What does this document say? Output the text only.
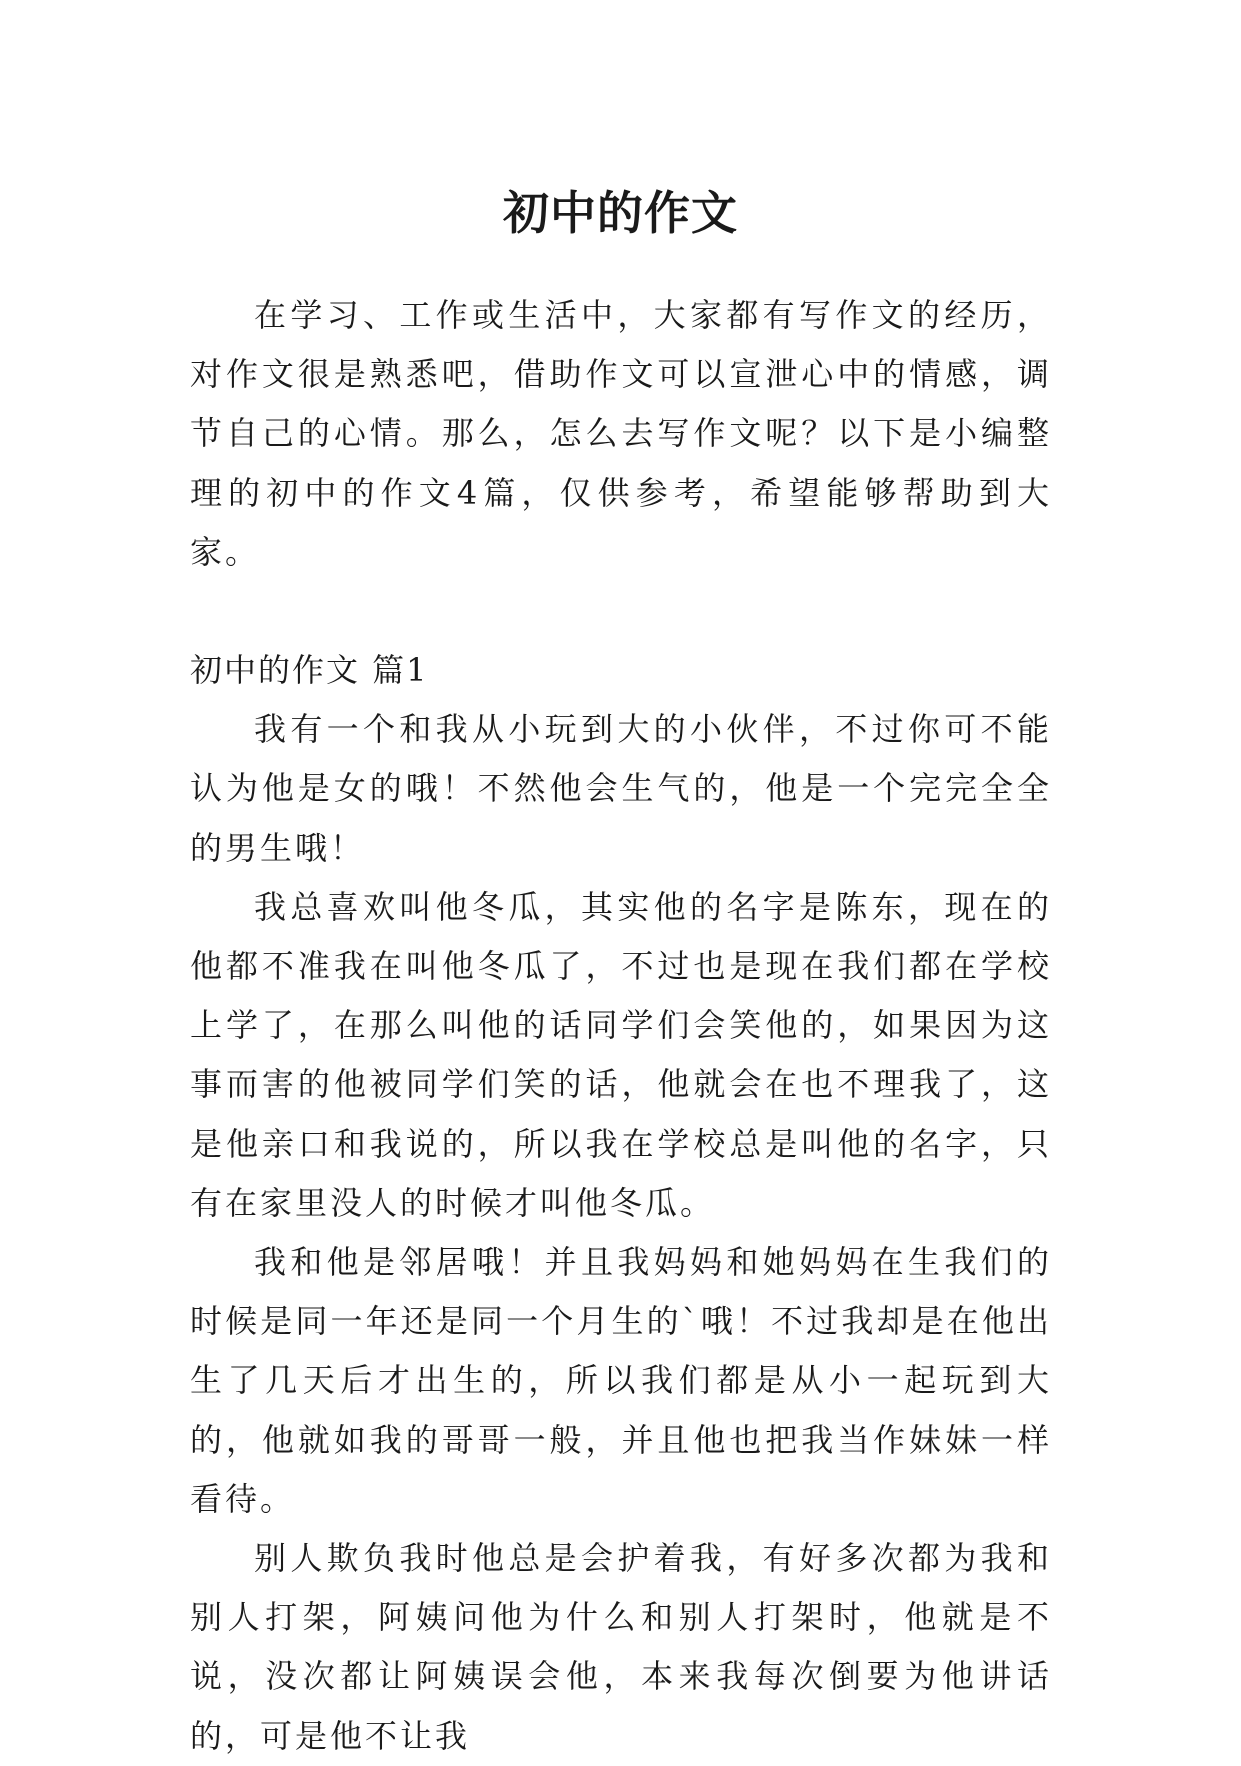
初中的作文

在学习、工作或生活中，大家都有写作文的经历，对作文很是熟悉吧，借助作文可以宣泄心中的情感，调节自己的心情。那么，怎么去写作文呢？以下是小编整理的初中的作文4篇，仅供参考，希望能够帮助到大家。

初中的作文 篇1

我有一个和我从小玩到大的小伙伴，不过你可不能认为他是女的哦！不然他会生气的，他是一个完完全全的男生哦！

我总喜欢叫他冬瓜，其实他的名字是陈东，现在的他都不准我在叫他冬瓜了，不过也是现在我们都在学校上学了，在那么叫他的话同学们会笑他的，如果因为这事而害的他被同学们笑的话，他就会在也不理我了，这是他亲口和我说的，所以我在学校总是叫他的名字，只有在家里没人的时候才叫他冬瓜。

我和他是邻居哦！并且我妈妈和她妈妈在生我们的时候是同一年还是同一个月生的`哦！不过我却是在他出生了几天后才出生的，所以我们都是从小一起玩到大的，他就如我的哥哥一般，并且他也把我当作妹妹一样看待。

别人欺负我时他总是会护着我，有好多次都为我和别人打架，阿姨问他为什么和别人打架时，他就是不说，没次都让阿姨误会他，本来我每次倒要为他讲话的，可是他不让我
